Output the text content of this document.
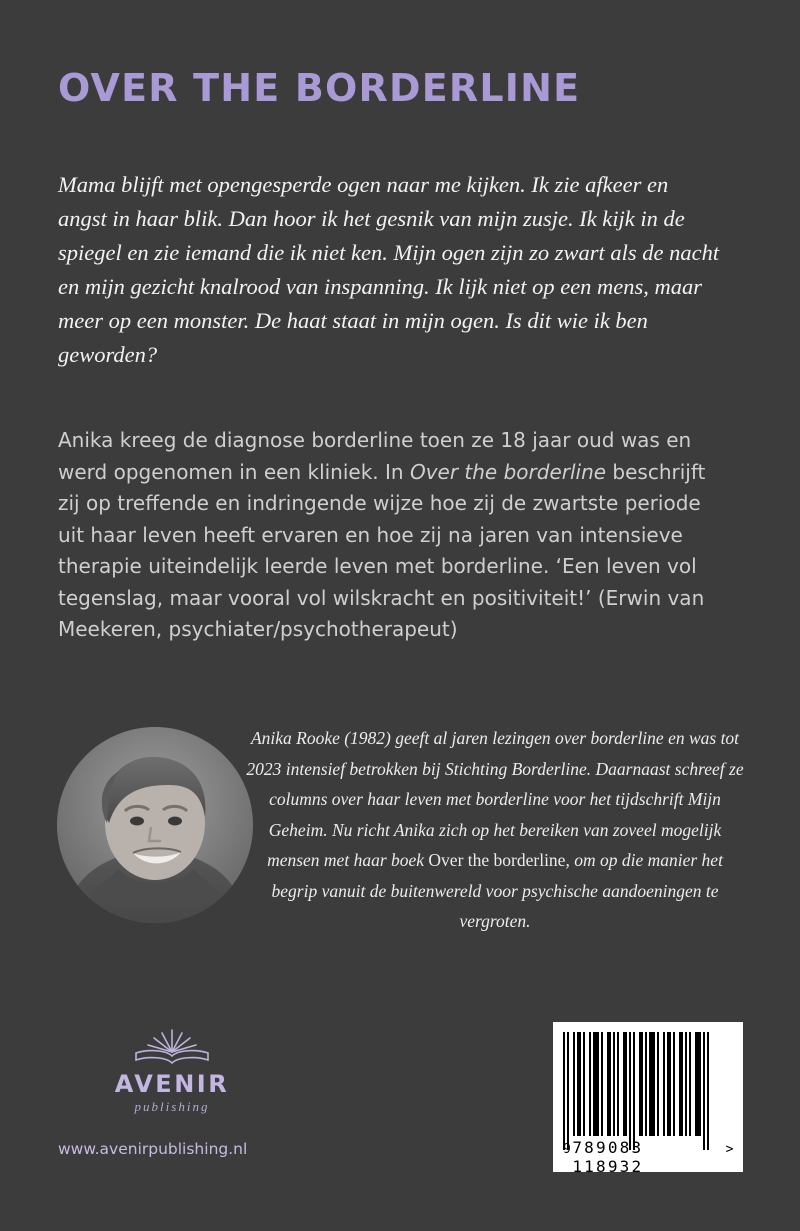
OVER THE BORDERLINE
Mama blijft met opengesperde ogen naar me kijken. Ik zie afkeer en angst in haar blik. Dan hoor ik het gesnik van mijn zusje. Ik kijk in de spiegel en zie iemand die ik niet ken. Mijn ogen zijn zo zwart als de nacht en mijn gezicht knalrood van inspanning. Ik lijk niet op een mens, maar meer op een monster. De haat staat in mijn ogen. Is dit wie ik ben geworden?
Anika kreeg de diagnose borderline toen ze 18 jaar oud was en werd opgenomen in een kliniek. In Over the borderline beschrijft zij op treffende en indringende wijze hoe zij de zwartste periode uit haar leven heeft ervaren en hoe zij na jaren van intensieve therapie uiteindelijk leerde leven met borderline. ‘Een leven vol tegenslag, maar vooral vol wilskracht en positiviteit!’ (Erwin van Meekeren, psychiater/psychotherapeut)
Anika Rooke (1982) geeft al jaren lezingen over borderline en was tot 2023 intensief betrokken bij Stichting Borderline. Daarnaast schreef ze columns over haar leven met borderline voor het tijdschrift Mijn Geheim. Nu richt Anika zich op het bereiken van zoveel mogelijk mensen met haar boek Over the borderline, om op die manier het begrip vanuit de buitenwereld voor psychische aandoeningen te vergroten.
AVENIR
publishing
www.avenirpublishing.nl	9 789083 118932
>
